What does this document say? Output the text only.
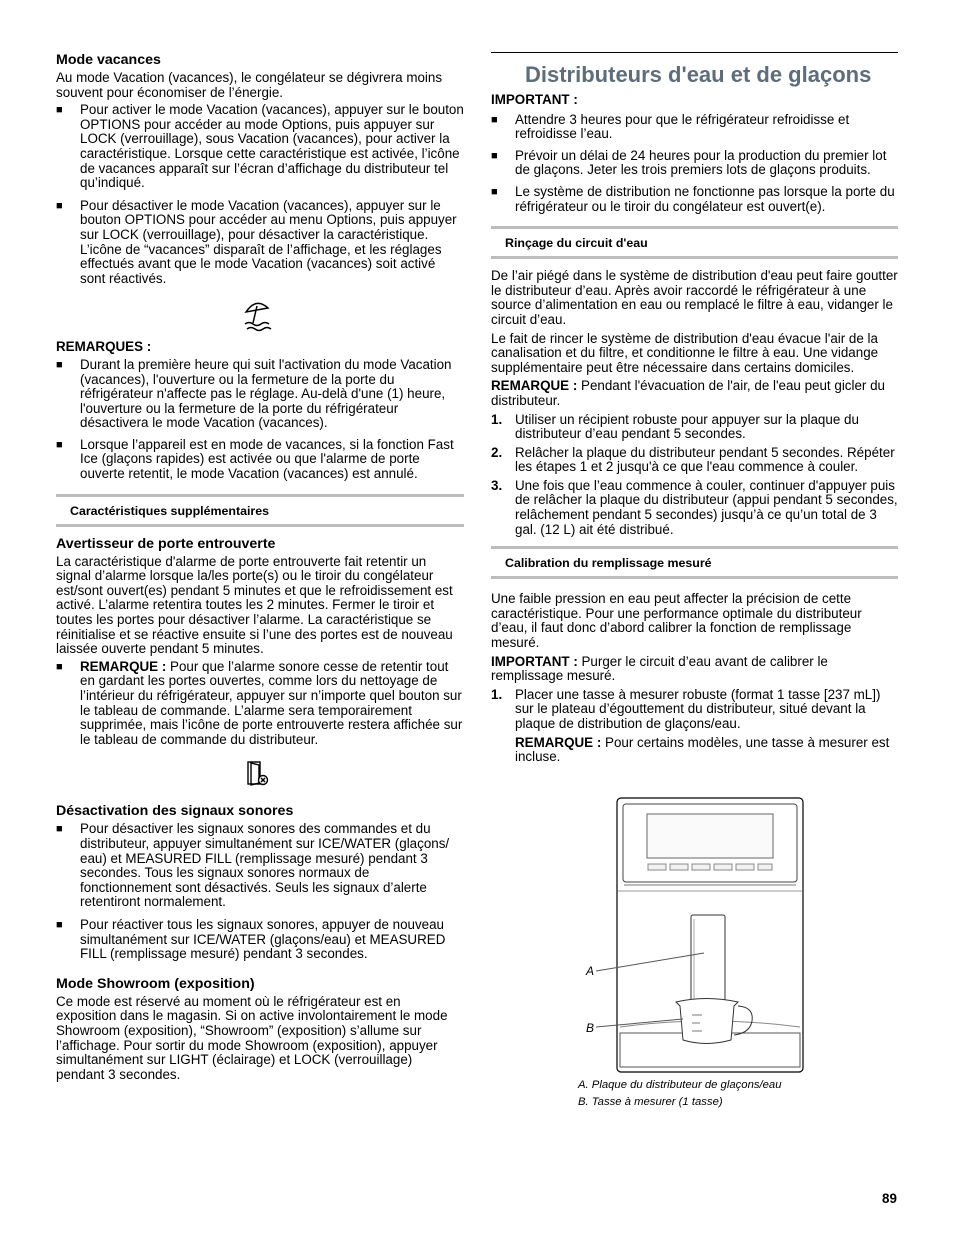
Mode vacances

Au mode Vacation (vacances), le congélateur se dégivrera moins souvent pour économiser de l’énergie.

■ Pour activer le mode Vacation (vacances), appuyer sur le bouton OPTIONS pour accéder au mode Options, puis appuyer sur LOCK (verrouillage), sous Vacation (vacances), pour activer la caractéristique. Lorsque cette caractéristique est activée, l’icône de vacances apparaît sur l’écran d’affichage du distributeur tel qu’indiqué.
■ Pour désactiver le mode Vacation (vacances), appuyer sur le bouton OPTIONS pour accéder au menu Options, puis appuyer sur LOCK (verrouillage), pour désactiver la caractéristique. L’icône de “vacances” disparaît de l’affichage, et les réglages effectués avant que le mode Vacation (vacances) soit activé sont réactivés.

REMARQUES :

■ Durant la première heure qui suit l'activation du mode Vacation (vacances), l'ouverture ou la fermeture de la porte du réfrigérateur n'affecte pas le réglage. Au-delà d'une (1) heure, l'ouverture ou la fermeture de la porte du réfrigérateur désactivera le mode Vacation (vacances).
■ Lorsque l’appareil est en mode de vacances, si la fonction Fast Ice (glaçons rapides) est activée ou que l'alarme de porte ouverte retentit, le mode Vacation (vacances) est annulé.
Caractéristiques supplémentaires
Avertisseur de porte entrouverte

La caractéristique d'alarme de porte entrouverte fait retentir un signal d’alarme lorsque la/les porte(s) ou le tiroir du congélateur est/sont ouvert(es) pendant 5 minutes et que le refroidissement est activé. L’alarme retentira toutes les 2 minutes. Fermer le tiroir et toutes les portes pour désactiver l’alarme. La caractéristique se réinitialise et se réactive ensuite si l’une des portes est de nouveau laissée ouverte pendant 5 minutes.

■ REMARQUE : Pour que l’alarme sonore cesse de retentir tout en gardant les portes ouvertes, comme lors du nettoyage de l’intérieur du réfrigérateur, appuyer sur n’importe quel bouton sur le tableau de commande. L’alarme sera temporairement supprimée, mais l’icône de porte entrouverte restera affichée sur le tableau de commande du distributeur.
Désactivation des signaux sonores
■ Pour désactiver les signaux sonores des commandes et du distributeur, appuyer simultanément sur ICE/WATER (glaçons/ eau) et MEASURED FILL (remplissage mesuré) pendant 3 secondes. Tous les signaux sonores normaux de fonctionnement sont désactivés. Seuls les signaux d’alerte retentiront normalement.
■ Pour réactiver tous les signaux sonores, appuyer de nouveau simultanément sur ICE/WATER (glaçons/eau) et MEASURED FILL (remplissage mesuré) pendant 3 secondes.
Mode Showroom (exposition)

Ce mode est réservé au moment où le réfrigérateur est en exposition dans le magasin. Si on active involontairement le mode Showroom (exposition), “Showroom” (exposition) s’allume sur l’affichage. Pour sortir du mode Showroom (exposition), appuyer simultanément sur LIGHT (éclairage) et LOCK (verrouillage) pendant 3 secondes.

Distributeurs d'eau et de glaçons

IMPORTANT :

■ Attendre 3 heures pour que le réfrigérateur refroidisse et refroidisse l’eau.
■ Prévoir un délai de 24 heures pour la production du premier lot de glaçons. Jeter les trois premiers lots de glaçons produits.
■ Le système de distribution ne fonctionne pas lorsque la porte du réfrigérateur ou le tiroir du congélateur est ouvert(e).
Rinçage du circuit d'eau

De l’air piégé dans le système de distribution d'eau peut faire goutter le distributeur d’eau. Après avoir raccordé le réfrigérateur à une source d’alimentation en eau ou remplacé le filtre à eau, vidanger le circuit d’eau.

Le fait de rincer le système de distribution d'eau évacue l'air de la canalisation et du filtre, et conditionne le filtre à eau. Une vidange supplémentaire peut être nécessaire dans certains domiciles.

REMARQUE : Pendant l'évacuation de l'air, de l'eau peut gicler du distributeur.

1. Utiliser un récipient robuste pour appuyer sur la plaque du distributeur d’eau pendant 5 secondes.
2. Relâcher la plaque du distributeur pendant 5 secondes. Répéter les étapes 1 et 2 jusqu'à ce que l'eau commence à couler.
3. Une fois que l’eau commence à couler, continuer d'appuyer puis de relâcher la plaque du distributeur (appui pendant 5 secondes, relâchement pendant 5 secondes) jusqu’à ce qu’un total de 3 gal. (12 L) ait été distribué.
Calibration du remplissage mesuré

Une faible pression en eau peut affecter la précision de cette caractéristique. Pour une performance optimale du distributeur d’eau, il faut donc d’abord calibrer la fonction de remplissage mesuré.

IMPORTANT : Purger le circuit d’eau avant de calibrer le remplissage mesuré.

1. Placer une tasse à mesurer robuste (format 1 tasse [237 mL]) sur le plateau d’égouttement du distributeur, situé devant la plaque de distribution de glaçons/eau.

REMARQUE : Pour certains modèles, une tasse à mesurer est incluse.

A
B
A. Plaque du distributeur de glaçons/eau
B. Tasse à mesurer (1 tasse)
89
